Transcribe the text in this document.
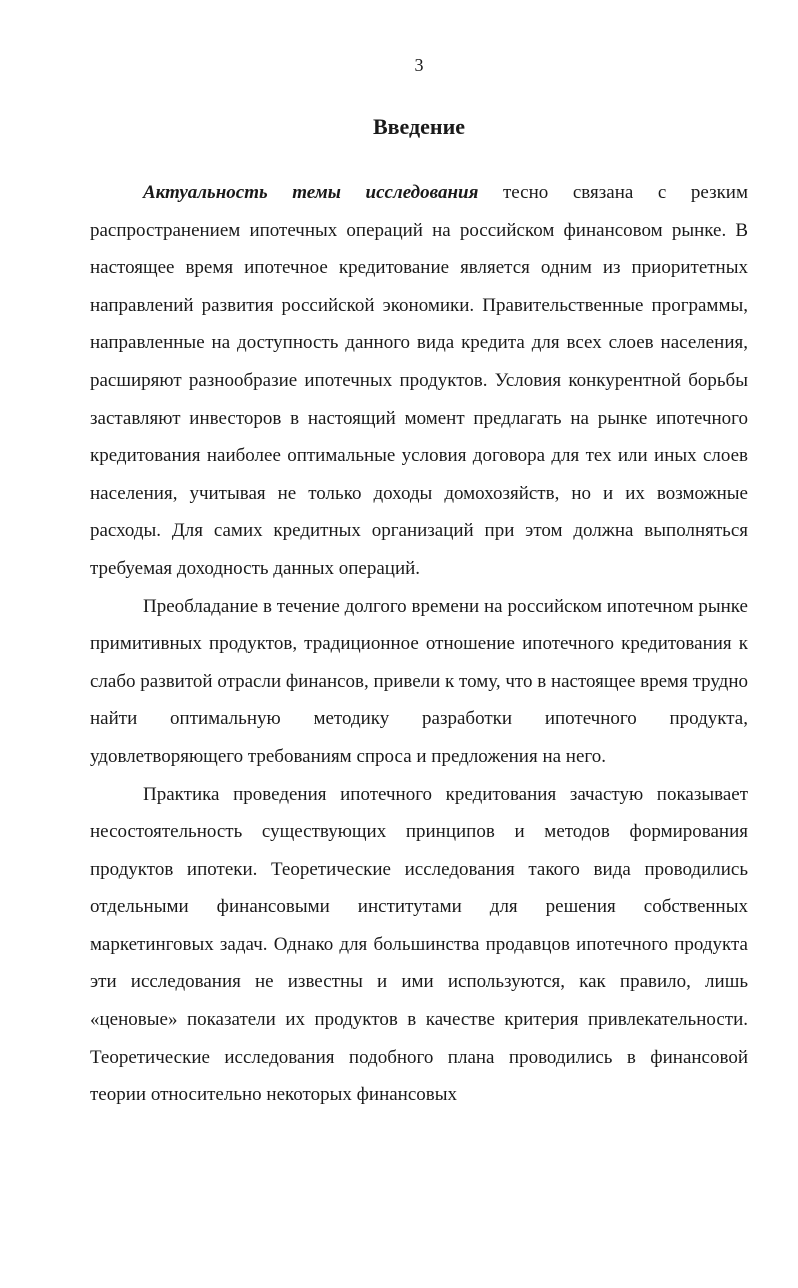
3
Введение

Актуальность темы исследования тесно связана с резким распространением ипотечных операций на российском финансовом рынке. В настоящее время ипотечное кредитование является одним из приоритетных направлений развития российской экономики. Правительственные программы, направленные на доступность данного вида кредита для всех слоев населения, расширяют разнообразие ипотечных продуктов. Условия конкурентной борьбы заставляют инвесторов в настоящий момент предлагать на рынке ипотечного кредитования наиболее оптимальные условия договора для тех или иных слоев населения, учитывая не только доходы домохозяйств, но и их возможные расходы. Для самих кредитных организаций при этом должна выполняться требуемая доходность данных операций.

Преобладание в течение долгого времени на российском ипотечном рынке примитивных продуктов, традиционное отношение ипотечного кредитования к слабо развитой отрасли финансов, привели к тому, что в настоящее время трудно найти оптимальную методику разработки ипотечного продукта, удовлетворяющего требованиям спроса и предложения на него.

Практика проведения ипотечного кредитования зачастую показывает несостоятельность существующих принципов и методов формирования продуктов ипотеки. Теоретические исследования такого вида проводились отдельными финансовыми институтами для решения собственных маркетинговых задач. Однако для большинства продавцов ипотечного продукта эти исследования не известны и ими используются, как правило, лишь «ценовые» показатели их продуктов в качестве критерия привлекательности. Теоретические исследования подобного плана проводились в финансовой теории относительно некоторых финансовых
